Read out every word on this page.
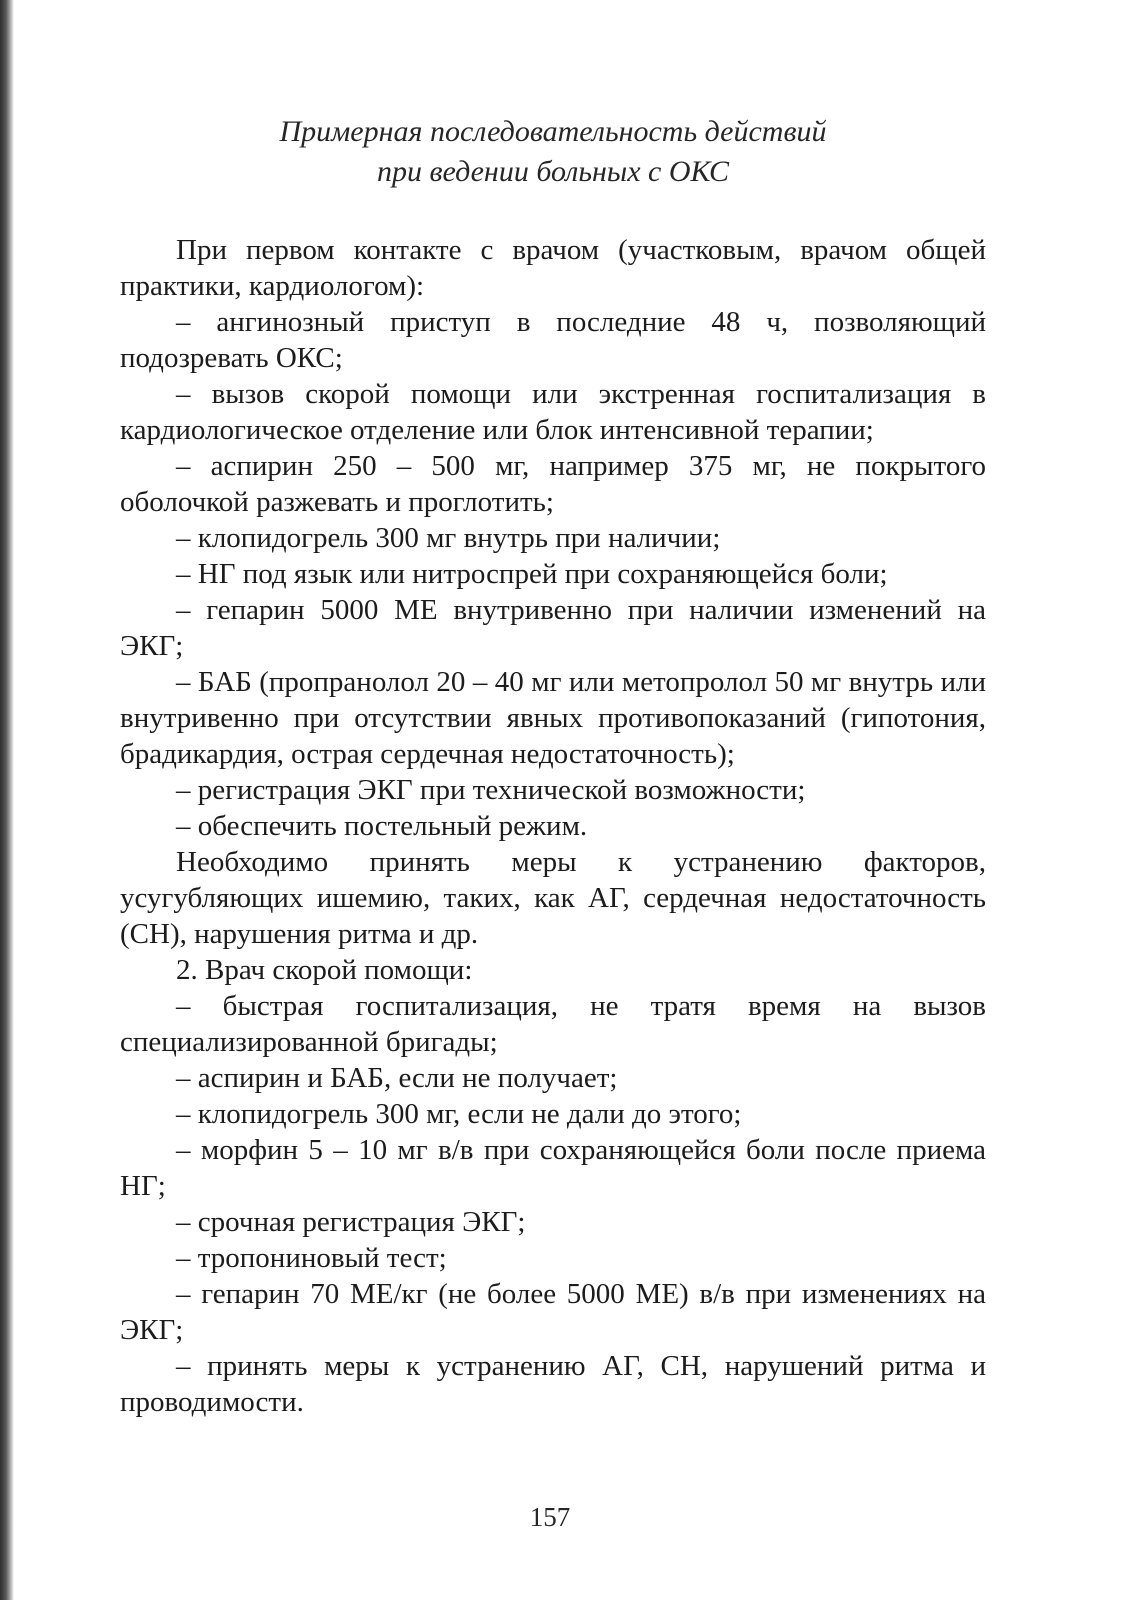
Примерная последовательность действий
при ведении больных с ОКС

При первом контакте с врачом (участковым, врачом общей практики, кардиологом):

– ангинозный приступ в последние 48 ч, позволяющий подозревать ОКС;

– вызов скорой помощи или экстренная госпитализация в кардиологическое отделение или блок интенсивной терапии;

– аспирин 250 – 500 мг, например 375 мг, не покрытого оболочкой разжевать и проглотить;

– клопидогрель 300 мг внутрь при наличии;

– НГ под язык или нитроспрей при сохраняющейся боли;

– гепарин 5000 МЕ внутривенно при наличии изменений на ЭКГ;

– БАБ (пропранолол 20 – 40 мг или метопролол 50 мг внутрь или внутривенно при отсутствии явных противопоказаний (гипотония, брадикардия, острая сердечная недостаточность);

– регистрация ЭКГ при технической возможности;

– обеспечить постельный режим.

Необходимо принять меры к устранению факторов, усугубляющих ишемию, таких, как АГ, сердечная недостаточность (СН), нарушения ритма и др.

2. Врач скорой помощи:

– быстрая госпитализация, не тратя время на вызов специализированной бригады;

– аспирин и БАБ, если не получает;

– клопидогрель 300 мг, если не дали до этого;

– морфин 5 – 10 мг в/в при сохраняющейся боли после приема НГ;

– срочная регистрация ЭКГ;

– тропониновый тест;

– гепарин 70 МЕ/кг (не более 5000 МЕ) в/в при изменениях на ЭКГ;

– принять меры к устранению АГ, СН, нарушений ритма и проводимости.

157
